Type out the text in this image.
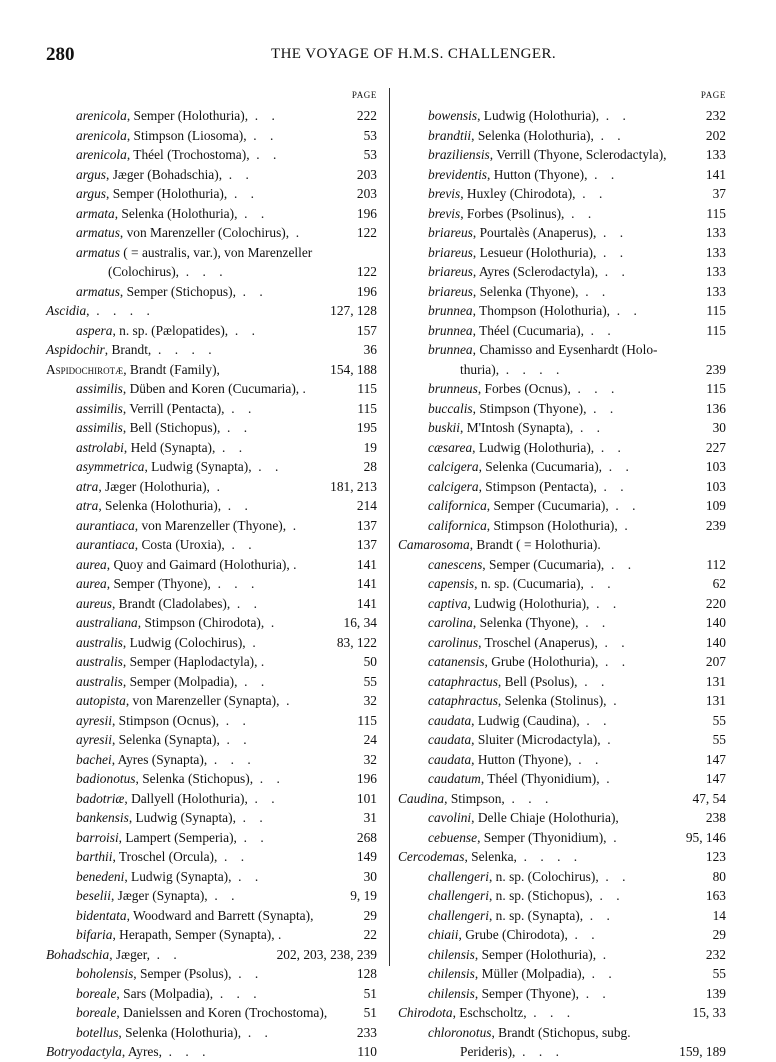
280	THE VOYAGE OF H.M.S. CHALLENGER.
PAGE
arenicola, Semper (Holothuria),  .    .	222
arenicola, Stimpson (Liosoma),  .    .	53
arenicola, Théel (Trochostoma),  .    .	53
argus, Jæger (Bohadschia),  .    .	203
argus, Semper (Holothuria),  .    .	203
armata, Selenka (Holothuria),  .    .	196
armatus, von Marenzeller (Colochirus),  .	122
armatus ( = australis, var.), von Marenzeller
(Colochirus),  .    .    .	122
armatus, Semper (Stichopus),  .    .	196
Ascidia,  .    .    .    .	127, 128
aspera, n. sp. (Pælopatides),  .    .	157
Aspidochir, Brandt,  .    .    .    .	36
Aspidochirotæ, Brandt (Family),	154, 188
assimilis, Düben and Koren (Cucumaria), .	115
assimilis, Verrill (Pentacta),  .    .	115
assimilis, Bell (Stichopus),  .    .	195
astrolabi, Held (Synapta),  .    .	19
asymmetrica, Ludwig (Synapta),  .    .	28
atra, Jæger (Holothuria),  .	181, 213
atra, Selenka (Holothuria),  .    .	214
aurantiaca, von Marenzeller (Thyone),  .	137
aurantiaca, Costa (Uroxia),  .    .	137
aurea, Quoy and Gaimard (Holothuria), .	141
aurea, Semper (Thyone),  .    .    .	141
aureus, Brandt (Cladolabes),  .    .	141
australiana, Stimpson (Chirodota),  .	16, 34
australis, Ludwig (Colochirus),  .	83, 122
australis, Semper (Haplodactyla), .	50
australis, Semper (Molpadia),  .    .	55
autopista, von Marenzeller (Synapta),  .	32
ayresii, Stimpson (Ocnus),  .    .	115
ayresii, Selenka (Synapta),  .    .	24
bachei, Ayres (Synapta),  .    .    .	32
badionotus, Selenka (Stichopus),  .    .	196
badotriæ, Dallyell (Holothuria),  .    .	101
bankensis, Ludwig (Synapta),  .    .	31
barroisi, Lampert (Semperia),  .    .	268
barthii, Troschel (Orcula),  .    .	149
benedeni, Ludwig (Synapta),  .    .	30
beselii, Jæger (Synapta),  .    .	9, 19
bidentata, Woodward and Barrett (Synapta),	29
bifaria, Herapath, Semper (Synapta), .	22
Bohadschia, Jæger,  .    .	202, 203, 238, 239
boholensis, Semper (Psolus),  .    .	128
boreale, Sars (Molpadia),  .    .    .	51
boreale, Danielssen and Koren (Trochostoma),	51
botellus, Selenka (Holothuria),  .    .	233
Botryodactyla, Ayres,  .    .    .	110
PAGE
bowensis, Ludwig (Holothuria),  .    .	232
brandtii, Selenka (Holothuria),  .    .	202
braziliensis, Verrill (Thyone, Sclerodactyla),	133
brevidentis, Hutton (Thyone),  .    .	141
brevis, Huxley (Chirodota),  .    .	37
brevis, Forbes (Psolinus),  .    .	115
briareus, Pourtalès (Anaperus),  .    .	133
briareus, Lesueur (Holothuria),  .    .	133
briareus, Ayres (Sclerodactyla),  .    .	133
briareus, Selenka (Thyone),  .    .	133
brunnea, Thompson (Holothuria),  .    .	115
brunnea, Théel (Cucumaria),  .    .	115
brunnea, Chamisso and Eysenhardt (Holo-
thuria),  .    .    .    .	239
brunneus, Forbes (Ocnus),  .    .    .	115
buccalis, Stimpson (Thyone),  .    .	136
buskii, M'Intosh (Synapta),  .    .	30
cæsarea, Ludwig (Holothuria),  .    .	227
calcigera, Selenka (Cucumaria),  .    .	103
calcigera, Stimpson (Pentacta),  .    .	103
californica, Semper (Cucumaria),  .    .	109
californica, Stimpson (Holothuria),  .	239
Camarosoma, Brandt ( = Holothuria).
canescens, Semper (Cucumaria),  .    .	112
capensis, n. sp. (Cucumaria),  .    .	62
captiva, Ludwig (Holothuria),  .    .	220
carolina, Selenka (Thyone),  .    .	140
carolinus, Troschel (Anaperus),  .    .	140
catanensis, Grube (Holothuria),  .    .	207
cataphractus, Bell (Psolus),  .    .	131
cataphractus, Selenka (Stolinus),  .	131
caudata, Ludwig (Caudina),  .    .	55
caudata, Sluiter (Microdactyla),  .	55
caudata, Hutton (Thyone),  .    .	147
caudatum, Théel (Thyonidium),  .	147
Caudina, Stimpson,  .    .    .	47, 54
cavolini, Delle Chiaje (Holothuria),	238
cebuense, Semper (Thyonidium),  .	95, 146
Cercodemas, Selenka,  .    .    .    .	123
challengeri, n. sp. (Colochirus),  .    .	80
challengeri, n. sp. (Stichopus),  .    .	163
challengeri, n. sp. (Synapta),  .    .	14
chiaii, Grube (Chirodota),  .    .	29
chilensis, Semper (Holothuria),  .	232
chilensis, Müller (Molpadia),  .    .	55
chilensis, Semper (Thyone),  .    .	139
Chirodota, Eschscholtz,  .    .    .	15, 33
chloronotus, Brandt (Stichopus, subg.
Perideris),  .    .    .	159, 189
